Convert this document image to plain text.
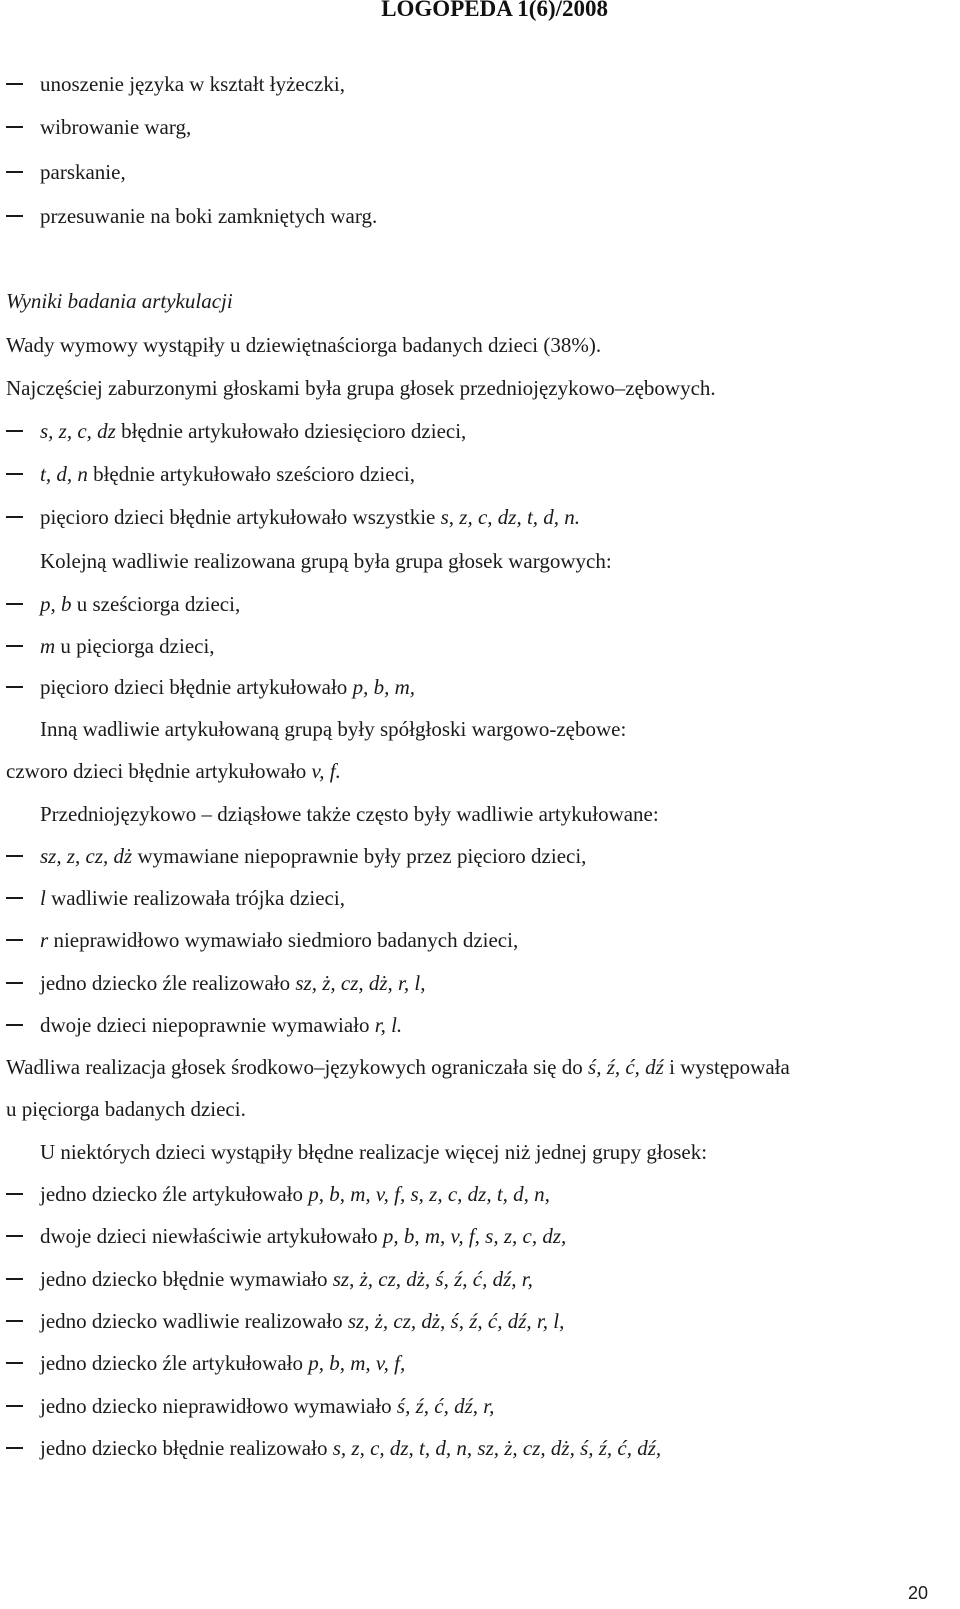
LOGOPEDA 1(6)/2008
unoszenie języka w kształt łyżeczki,
wibrowanie warg,
parskanie,
przesuwanie na boki zamkniętych warg.
Wyniki badania artykulacji
Wady wymowy wystąpiły u dziewiętnaściorga badanych dzieci (38%).
Najczęściej zaburzonymi głoskami była grupa głosek przedniojęzykowo–zębowych.
s, z, c, dz błędnie artykułowało dziesięcioro dzieci,
t, d, n błędnie artykułowało sześcioro dzieci,
pięcioro dzieci błędnie artykułowało wszystkie s, z, c, dz, t, d, n.
Kolejną wadliwie realizowana grupą była grupa głosek wargowych:
p, b u sześciorga dzieci,
m u pięciorga dzieci,
pięcioro dzieci błędnie artykułowało p, b, m,
Inną wadliwie artykułowaną grupą były spółgłoski wargowo-zębowe:
czworo dzieci błędnie artykułowało v, f.
Przedniojęzykowo – dziąsłowe także często były wadliwie artykułowane:
sz, z, cz, dż wymawiane niepoprawnie były przez pięcioro dzieci,
l wadliwie realizowała trójka dzieci,
r nieprawidłowo wymawiało siedmioro badanych dzieci,
jedno dziecko źle realizowało sz, ż, cz, dż, r, l,
dwoje dzieci niepoprawnie wymawiało r, l.
Wadliwa realizacja głosek środkowo–językowych ograniczała się do ś, ź, ć, dź i występowała
u pięciorga badanych dzieci.
U niektórych dzieci wystąpiły błędne realizacje więcej niż jednej grupy głosek:
jedno dziecko źle artykułowało p, b, m, v, f, s, z, c, dz, t, d, n,
dwoje dzieci niewłaściwie artykułowało p, b, m, v, f, s, z, c, dz,
jedno dziecko błędnie wymawiało sz, ż, cz, dż, ś, ź, ć, dź, r,
jedno dziecko wadliwie realizowało sz, ż, cz, dż, ś, ź, ć, dź, r, l,
jedno dziecko źle artykułowało p, b, m, v, f,
jedno dziecko nieprawidłowo wymawiało ś, ź, ć, dź, r,
jedno dziecko błędnie realizowało s, z, c, dz, t, d, n, sz, ż, cz, dż, ś, ź, ć, dź,
20
